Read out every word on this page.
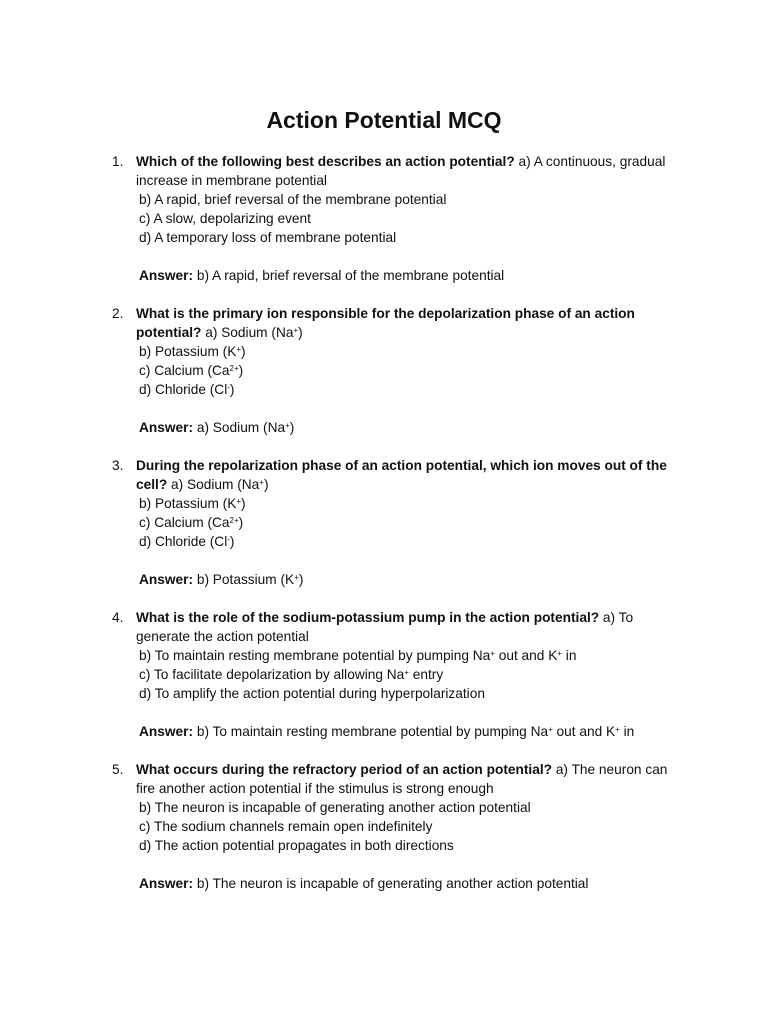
Action Potential MCQ
1. Which of the following best describes an action potential? a) A continuous, gradual increase in membrane potential
b) A rapid, brief reversal of the membrane potential
c) A slow, depolarizing event
d) A temporary loss of membrane potential
Answer: b) A rapid, brief reversal of the membrane potential
2. What is the primary ion responsible for the depolarization phase of an action potential? a) Sodium (Na+)
b) Potassium (K+)
c) Calcium $(Ca^{2+})$
d) Chloride (Cl-)
Answer: a) Sodium (Na+)
3. During the repolarization phase of an action potential, which ion moves out of the cell? a) Sodium (Na+)
b) Potassium (K+)
c) Calcium $(Ca^{2+})$
d) Chloride (Cl-)
Answer: b) Potassium (K+)
4. What is the role of the sodium-potassium pump in the action potential? a) To generate the action potential
b) To maintain resting membrane potential by pumping Na+ out and K+ in
c) To facilitate depolarization by allowing Na+ entry
d) To amplify the action potential during hyperpolarization
Answer: b) To maintain resting membrane potential by pumping Na+ out and K+ in
5. What occurs during the refractory period of an action potential? a) The neuron can fire another action potential if the stimulus is strong enough
b) The neuron is incapable of generating another action potential
c) The sodium channels remain open indefinitely
d) The action potential propagates in both directions
Answer: b) The neuron is incapable of generating another action potential
